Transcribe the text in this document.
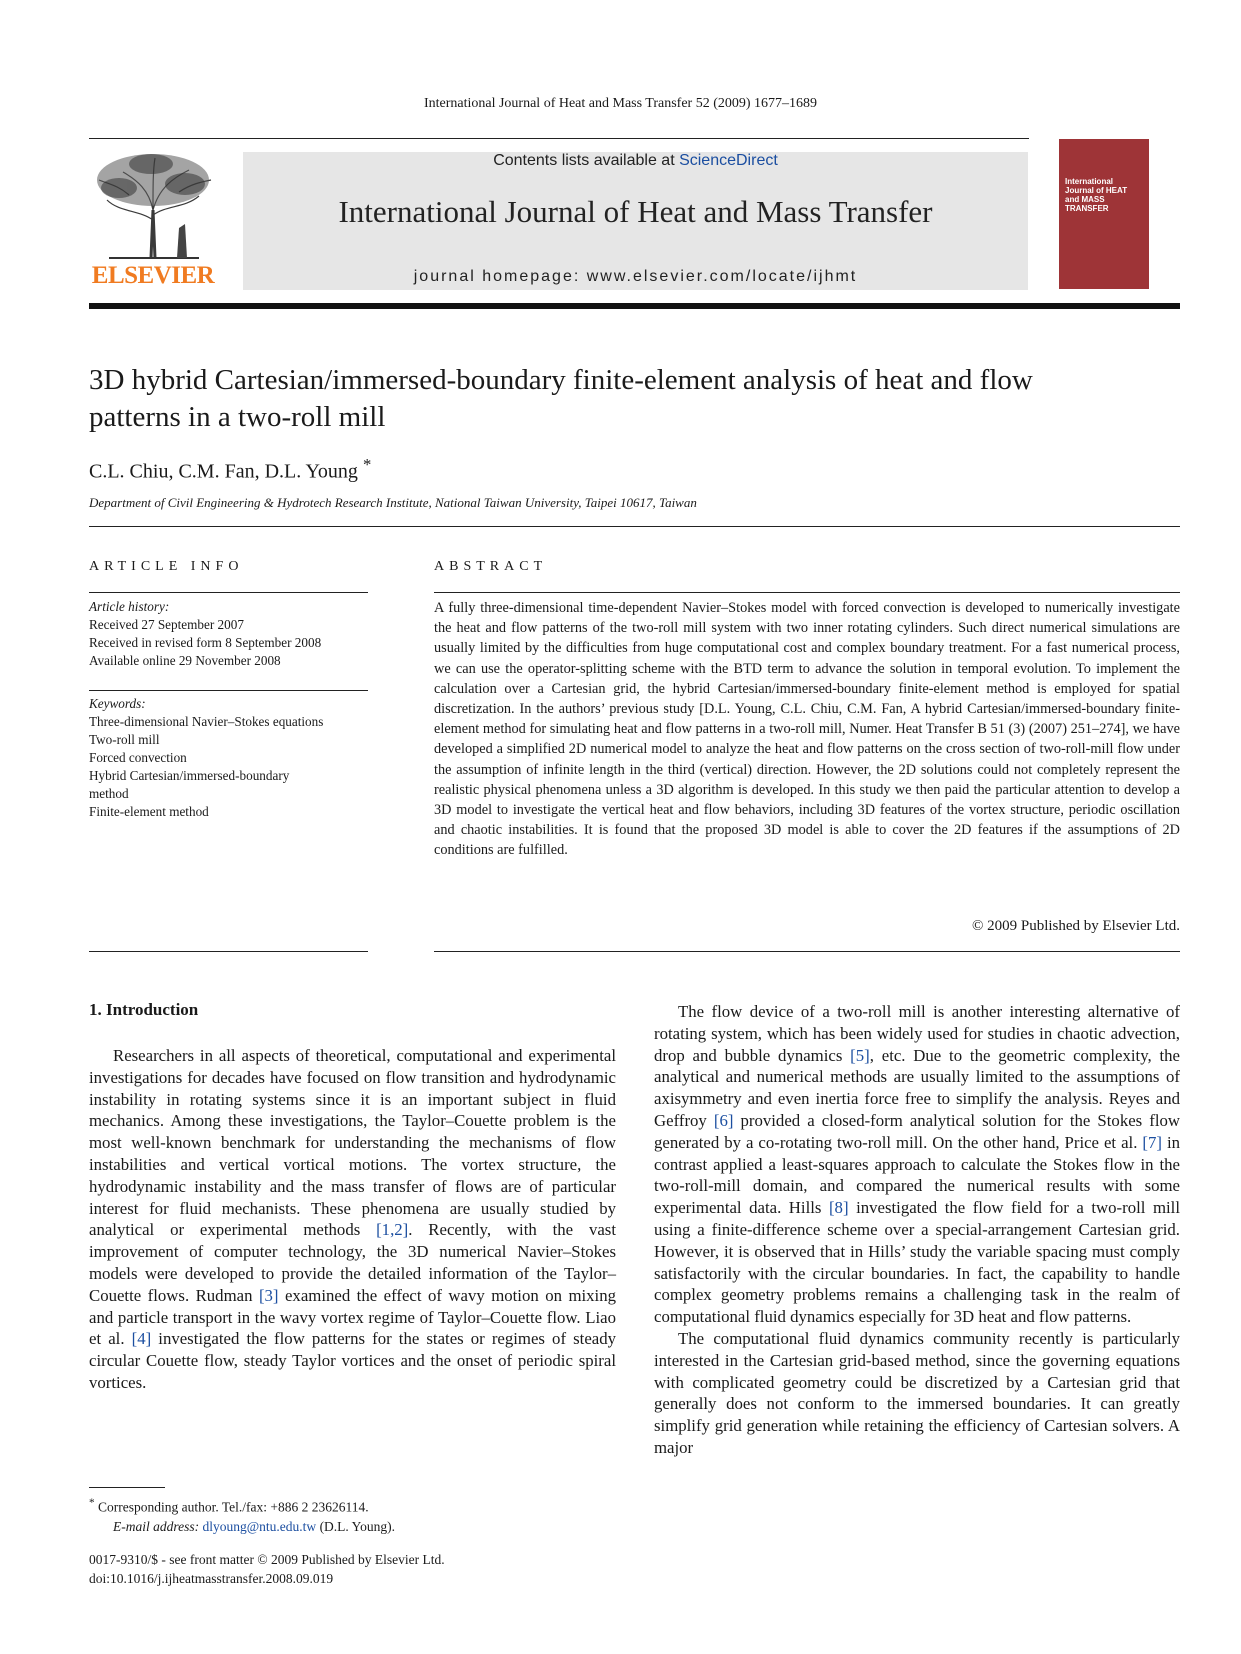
International Journal of Heat and Mass Transfer 52 (2009) 1677–1689
ELSEVIER
Contents lists available at ScienceDirect
International Journal of Heat and Mass Transfer
journal homepage: www.elsevier.com/locate/ijhmt
International Journal of HEAT and MASS TRANSFER
3D hybrid Cartesian/immersed-boundary finite-element analysis of heat and flow patterns in a two-roll mill
C.L. Chiu, C.M. Fan, D.L. Young *
Department of Civil Engineering & Hydrotech Research Institute, National Taiwan University, Taipei 10617, Taiwan
ARTICLE INFO
Article history:
Received 27 September 2007
Received in revised form 8 September 2008
Available online 29 November 2008
Keywords:
Three-dimensional Navier–Stokes equations
Two-roll mill
Forced convection
Hybrid Cartesian/immersed-boundary
method
Finite-element method
ABSTRACT
A fully three-dimensional time-dependent Navier–Stokes model with forced convection is developed to numerically investigate the heat and flow patterns of the two-roll mill system with two inner rotating cylinders. Such direct numerical simulations are usually limited by the difficulties from huge computational cost and complex boundary treatment. For a fast numerical process, we can use the operator-splitting scheme with the BTD term to advance the solution in temporal evolution. To implement the calculation over a Cartesian grid, the hybrid Cartesian/immersed-boundary finite-element method is employed for spatial discretization. In the authors’ previous study [D.L. Young, C.L. Chiu, C.M. Fan, A hybrid Cartesian/immersed-boundary finite-element method for simulating heat and flow patterns in a two-roll mill, Numer. Heat Transfer B 51 (3) (2007) 251–274], we have developed a simplified 2D numerical model to analyze the heat and flow patterns on the cross section of two-roll-mill flow under the assumption of infinite length in the third (vertical) direction. However, the 2D solutions could not completely represent the realistic physical phenomena unless a 3D algorithm is developed. In this study we then paid the particular attention to develop a 3D model to investigate the vertical heat and flow behaviors, including 3D features of the vortex structure, periodic oscillation and chaotic instabilities. It is found that the proposed 3D model is able to cover the 2D features if the assumptions of 2D conditions are fulfilled.
© 2009 Published by Elsevier Ltd.
1. Introduction

Researchers in all aspects of theoretical, computational and experimental investigations for decades have focused on flow transition and hydrodynamic instability in rotating systems since it is an important subject in fluid mechanics. Among these investigations, the Taylor–Couette problem is the most well-known benchmark for understanding the mechanisms of flow instabilities and vertical vortical motions. The vortex structure, the hydrodynamic instability and the mass transfer of flows are of particular interest for fluid mechanists. These phenomena are usually studied by analytical or experimental methods [1,2]. Recently, with the vast improvement of computer technology, the 3D numerical Navier–Stokes models were developed to provide the detailed information of the Taylor–Couette flows. Rudman [3] examined the effect of wavy motion on mixing and particle transport in the wavy vortex regime of Taylor–Couette flow. Liao et al. [4] investigated the flow patterns for the states or regimes of steady circular Couette flow, steady Taylor vortices and the onset of periodic spiral vortices.

The flow device of a two-roll mill is another interesting alternative of rotating system, which has been widely used for studies in chaotic advection, drop and bubble dynamics [5], etc. Due to the geometric complexity, the analytical and numerical methods are usually limited to the assumptions of axisymmetry and even inertia force free to simplify the analysis. Reyes and Geffroy [6] provided a closed-form analytical solution for the Stokes flow generated by a co-rotating two-roll mill. On the other hand, Price et al. [7] in contrast applied a least-squares approach to calculate the Stokes flow in the two-roll-mill domain, and compared the numerical results with some experimental data. Hills [8] investigated the flow field for a two-roll mill using a finite-difference scheme over a special-arrangement Cartesian grid. However, it is observed that in Hills’ study the variable spacing must comply satisfactorily with the circular boundaries. In fact, the capability to handle complex geometry problems remains a challenging task in the realm of computational fluid dynamics especially for 3D heat and flow patterns.

The computational fluid dynamics community recently is particularly interested in the Cartesian grid-based method, since the governing equations with complicated geometry could be discretized by a Cartesian grid that generally does not conform to the immersed boundaries. It can greatly simplify grid generation while retaining the efficiency of Cartesian solvers. A major

* Corresponding author. Tel./fax: +886 2 23626114.
E-mail address: dlyoung@ntu.edu.tw (D.L. Young).
0017-9310/$ - see front matter © 2009 Published by Elsevier Ltd.
doi:10.1016/j.ijheatmasstransfer.2008.09.019
